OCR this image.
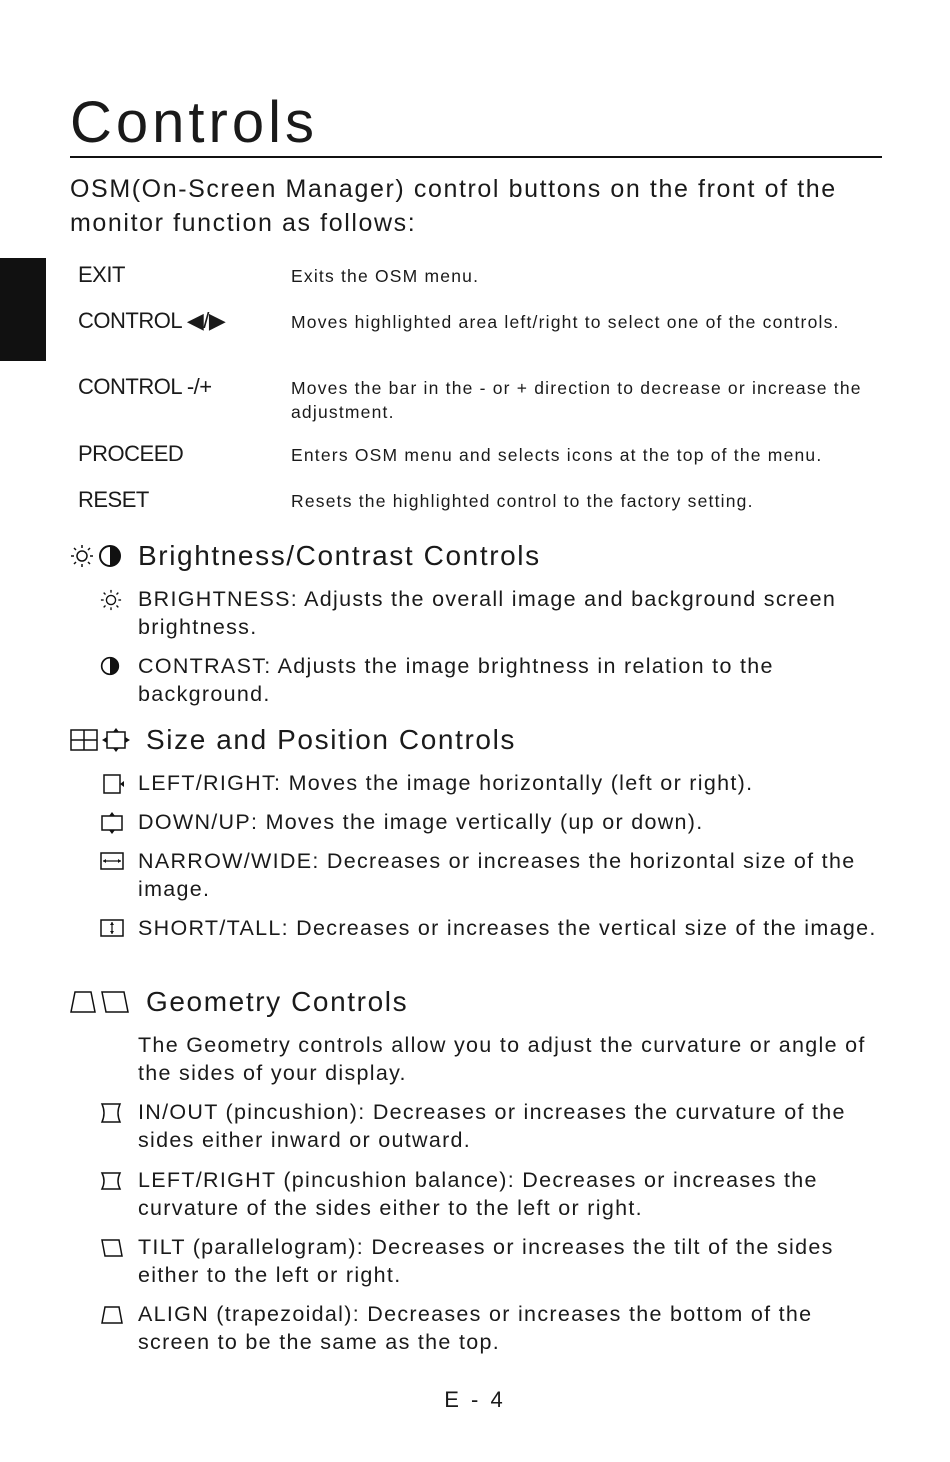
Controls

OSM(On-Screen Manager) control buttons on the front of the monitor function as follows:

EXIT	Exits the OSM menu.
CONTROL ◀/▶	Moves highlighted area left/right to select one of the controls.
CONTROL -/+	Moves the bar in the - or + direction to decrease or increase the adjustment.
PROCEED	Enters OSM menu and selects icons at the top of the menu.
RESET	Resets the highlighted control to the factory setting.
Brightness/Contrast Controls
BRIGHTNESS: Adjusts the overall image and background screen brightness.
CONTRAST: Adjusts the image brightness in relation to the background.
Size and Position Controls
LEFT/RIGHT: Moves the image horizontally (left or right).
DOWN/UP: Moves the image vertically (up or down).
NARROW/WIDE: Decreases or increases the horizontal size of the image.
SHORT/TALL: Decreases or increases the vertical size of the image.
Geometry Controls
The Geometry controls allow you to adjust the curvature or angle of the sides of your display.
IN/OUT (pincushion): Decreases or increases the curvature of the sides either inward or outward.
LEFT/RIGHT (pincushion balance): Decreases or increases the curvature of the sides either to the left or right.
TILT (parallelogram): Decreases or increases the tilt of the sides either to the left or right.
ALIGN (trapezoidal): Decreases or increases the bottom of the screen to be the same as the top.
E - 4
